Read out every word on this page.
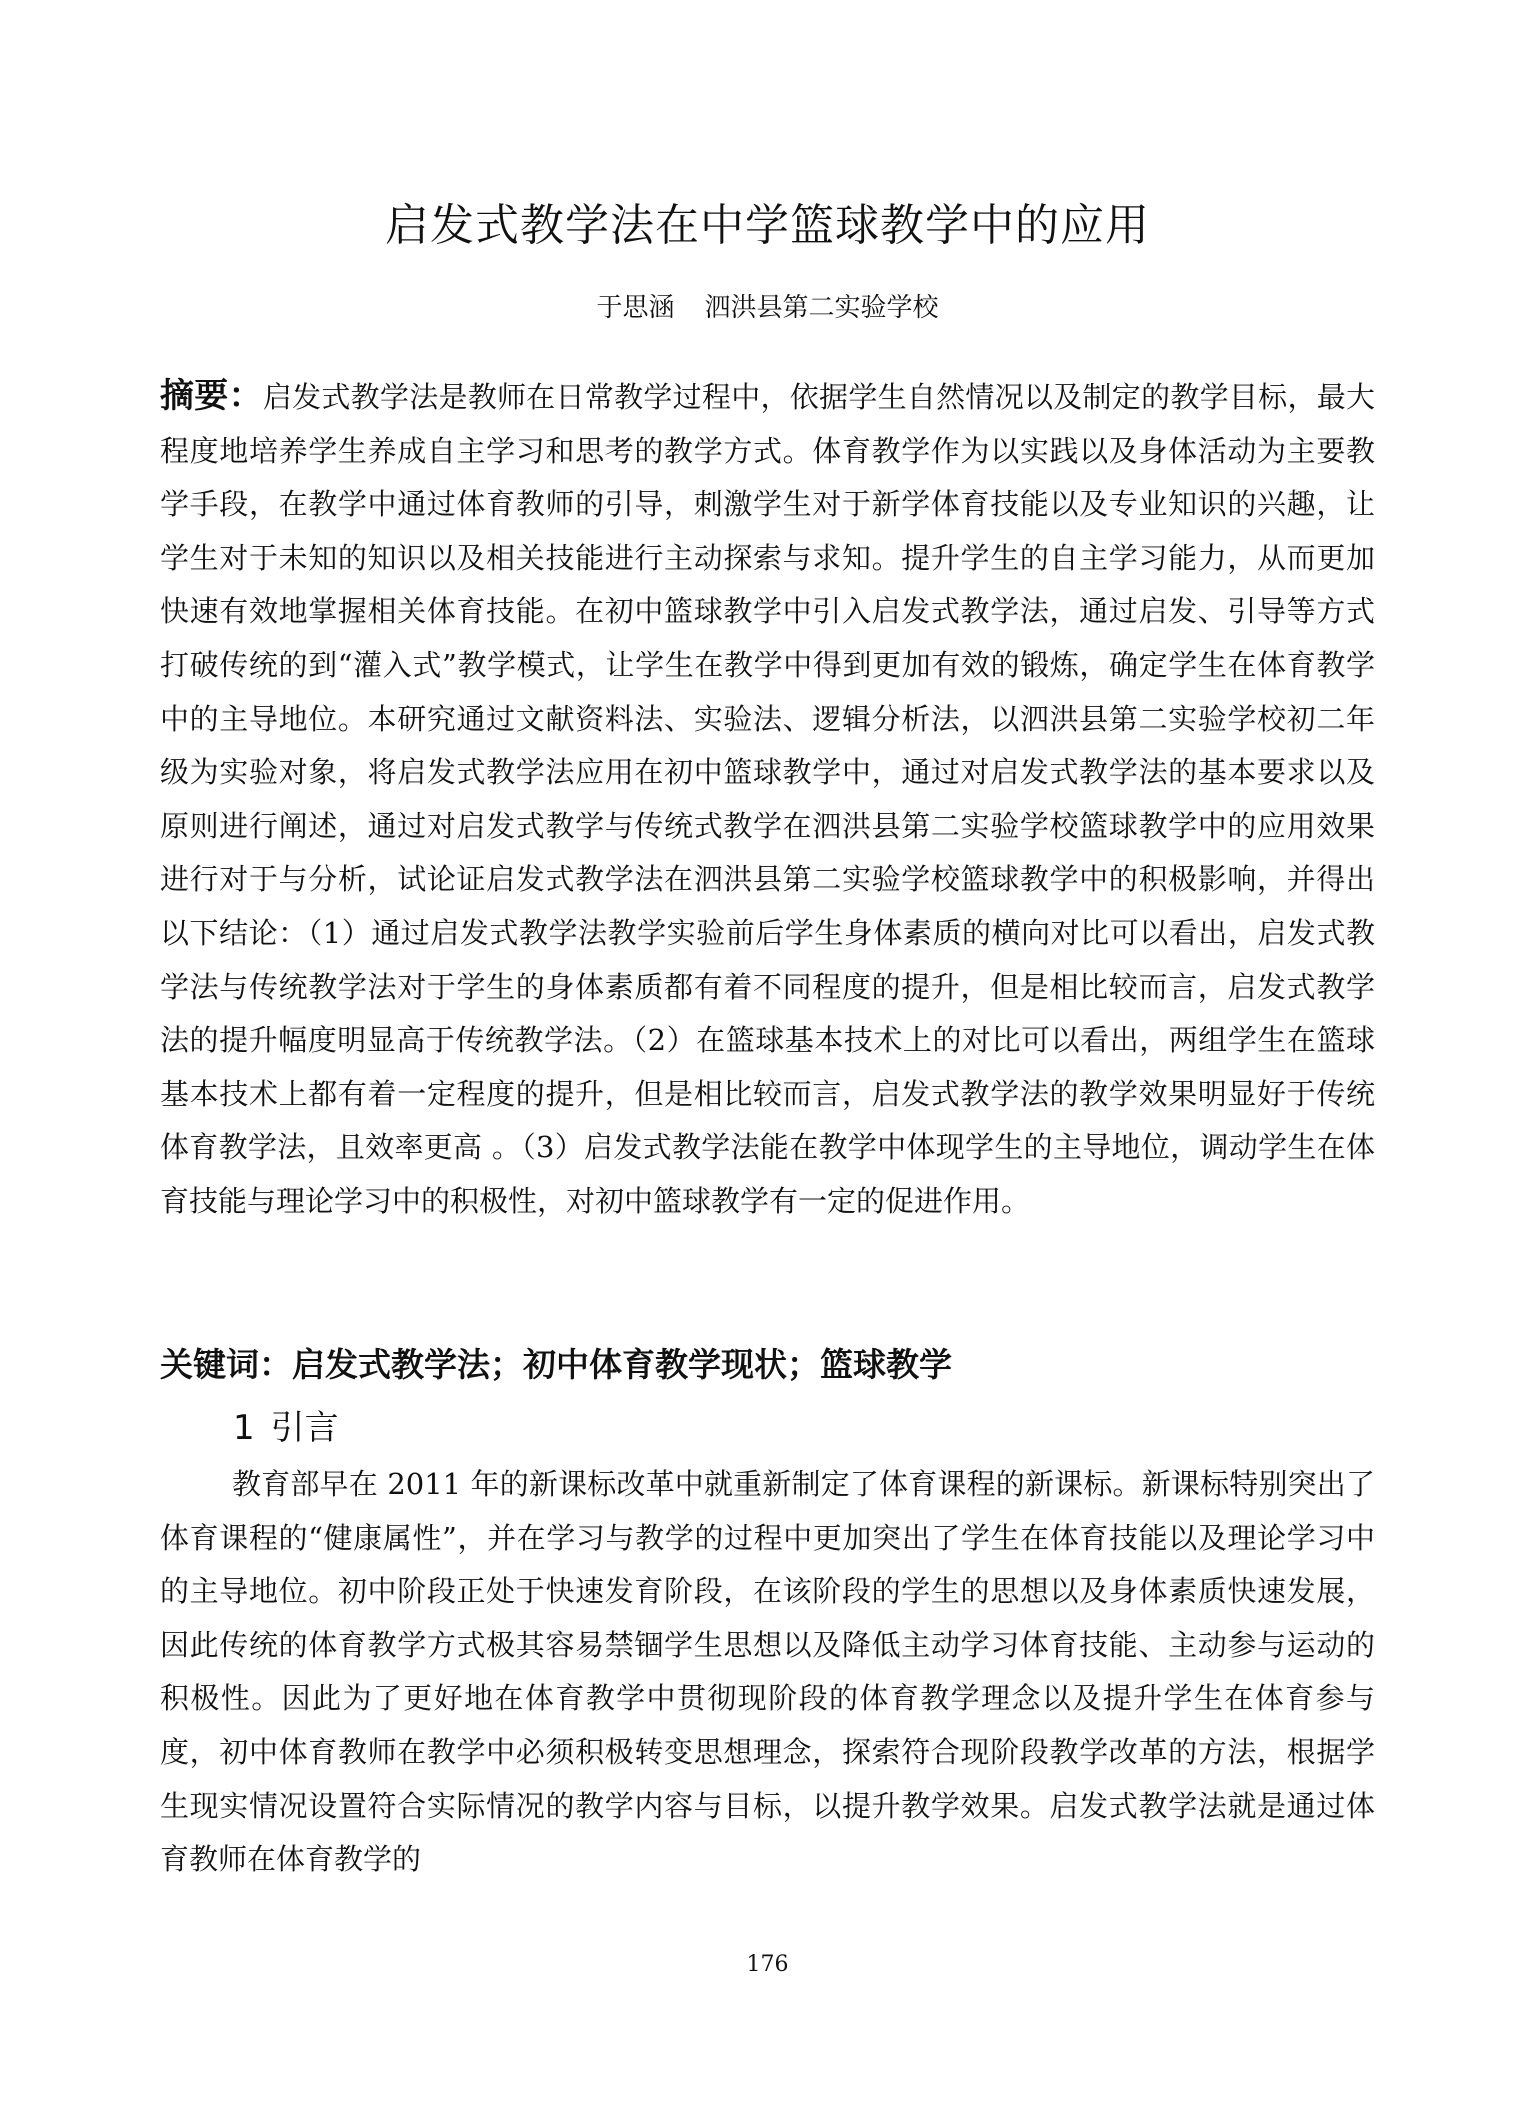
启发式教学法在中学篮球教学中的应用
于思涵 泗洪县第二实验学校

摘要：启发式教学法是教师在日常教学过程中，依据学生自然情况以及制定的教学目标，最大程度地培养学生养成自主学习和思考的教学方式。体育教学作为以实践以及身体活动为主要教学手段，在教学中通过体育教师的引导，刺激学生对于新学体育技能以及专业知识的兴趣，让学生对于未知的知识以及相关技能进行主动探索与求知。提升学生的自主学习能力，从而更加快速有效地掌握相关体育技能。在初中篮球教学中引入启发式教学法，通过启发、引导等方式打破传统的到“灌入式”教学模式，让学生在教学中得到更加有效的锻炼，确定学生在体育教学中的主导地位。本研究通过文献资料法、实验法、逻辑分析法，以泗洪县第二实验学校初二年级为实验对象，将启发式教学法应用在初中篮球教学中，通过对启发式教学法的基本要求以及原则进行阐述，通过对启发式教学与传统式教学在泗洪县第二实验学校篮球教学中的应用效果进行对于与分析，试论证启发式教学法在泗洪县第二实验学校篮球教学中的积极影响，并得出以下结论：（1）通过启发式教学法教学实验前后学生身体素质的横向对比可以看出，启发式教学法与传统教学法对于学生的身体素质都有着不同程度的提升，但是相比较而言，启发式教学法的提升幅度明显高于传统教学法。（2）在篮球基本技术上的对比可以看出，两组学生在篮球基本技术上都有着一定程度的提升，但是相比较而言，启发式教学法的教学效果明显好于传统体育教学法，且效率更高 。（3）启发式教学法能在教学中体现学生的主导地位，调动学生在体育技能与理论学习中的积极性，对初中篮球教学有一定的促进作用。

关键词：启发式教学法；初中体育教学现状；篮球教学

1 引言

教育部早在 2011 年的新课标改革中就重新制定了体育课程的新课标。新课标特别突出了体育课程的“健康属性”，并在学习与教学的过程中更加突出了学生在体育技能以及理论学习中的主导地位。初中阶段正处于快速发育阶段，在该阶段的学生的思想以及身体素质快速发展，因此传统的体育教学方式极其容易禁锢学生思想以及降低主动学习体育技能、主动参与运动的积极性。因此为了更好地在体育教学中贯彻现阶段的体育教学理念以及提升学生在体育参与度，初中体育教师在教学中必须积极转变思想理念，探索符合现阶段教学改革的方法，根据学生现实情况设置符合实际情况的教学内容与目标，以提升教学效果。启发式教学法就是通过体育教师在体育教学的

176
